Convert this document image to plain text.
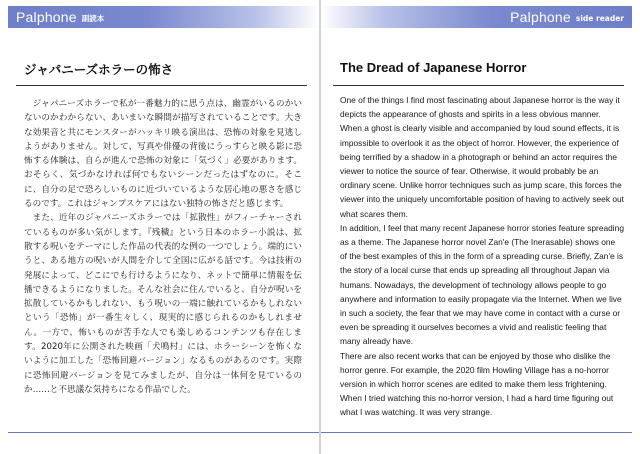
Palphone 副読本
ジャパニーズホラーの怖さ

ジャパニーズホラーで私が一番魅力的に思う点は、幽霊がいるのかいないのかわからない、あいまいな瞬間が描写されていることです。大きな効果音と共にモンスターがハッキリ映る演出は、恐怖の対象を見逃しようがありません。対して、写真や俳優の背後にうっすらと映る影に恐怖する体験は、自らが進んで恐怖の対象に「気づく」必要があります。おそらく、気づかなければ何でもないシーンだったはずなのに。そこに、自分の足で恐ろしいものに近づいているような居心地の悪さを感じるのです。これはジャンプスケアにはない独特の怖さだと感じます。

また、近年のジャパニーズホラーでは「拡散性」がフィーチャーされているものが多い気がします。『残穢』という日本のホラー小説は、拡散する呪いをテーマにした作品の代表的な例の一つでしょう。端的にいうと、ある地方の呪いが人間を介して全国に広がる話です。今は技術の発展によって、どこにでも行けるようになり、ネットで簡単に情報を伝播できるようになりました。そんな社会に住んでいると、自分が呪いを拡散しているかもしれない、もう呪いの一端に触れているかもしれないという「恐怖」が一番生々しく、現実的に感じられるのかもしれません。一方で、怖いものが苦手な人でも楽しめるコンテンツも存在します。2020年に公開された映画「犬鳴村」には、ホラーシーンを怖くないように加工した「恐怖回避バージョン」なるものがあるのです。実際に恐怖回避バージョンを見てみましたが、自分は一体何を見ているのか……と不思議な気持ちになる作品でした。

Palphone side reader
The Dread of Japanese Horror

One of the things I find most fascinating about Japanese horror is the way it depicts the appearance of ghosts and spirits in a less obvious manner. When a ghost is clearly visible and accompanied by loud sound effects, it is impossible to overlook it as the object of horror. However, the experience of being terrified by a shadow in a photograph or behind an actor requires the viewer to notice the source of fear. Otherwise, it would probably be an ordinary scene. Unlike horror techniques such as jump scare, this forces the viewer into the uniquely uncomfortable position of having to actively seek out what scares them.

In addition, I feel that many recent Japanese horror stories feature spreading as a theme. The Japanese horror novel Zan'e (The Inerasable) shows one of the best examples of this in the form of a spreading curse. Briefly, Zan'e is the story of a local curse that ends up spreading all throughout Japan via humans. Nowadays, the development of technology allows people to go anywhere and information to easily propagate via the Internet. When we live in such a society, the fear that we may have come in contact with a curse or even be spreading it ourselves becomes a vivid and realistic feeling that many already have.

There are also recent works that can be enjoyed by those who dislike the horror genre. For example, the 2020 film Howling Village has a no-horror version in which horror scenes are edited to make them less frightening. When I tried watching this no-horror version, I had a hard time figuring out what I was watching. It was very strange.
